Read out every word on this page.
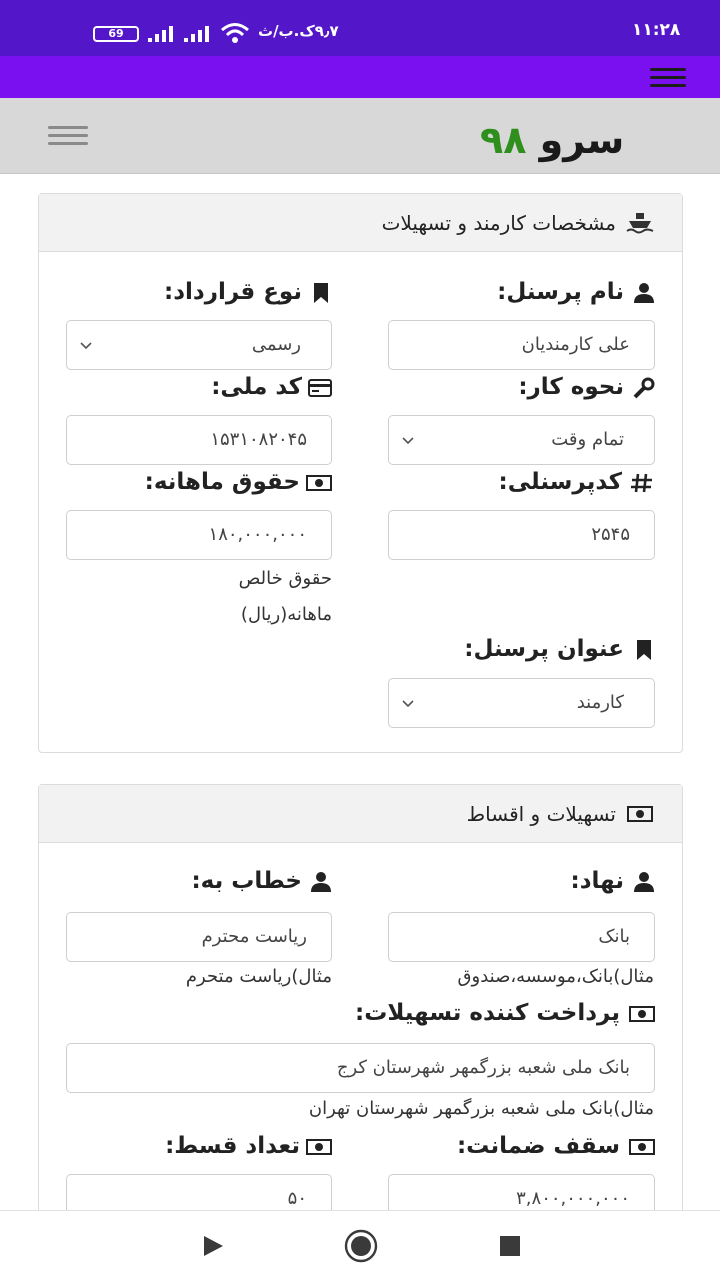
۱۱:۲۸
۹٫۷ک.ب/ث
69
سرو ۹۸
مشخصات کارمند و تسهیلات
نام پرسنل:
علی کارمندیان
نوع قرارداد:
رسمی
نحوه کار:
تمام وقت
کد ملی:
۱۵۳۱۰۸۲۰۴۵
کدپرسنلی:
۲۵۴۵
حقوق ماهانه:
۱۸۰,۰۰۰,۰۰۰
حقوق خالص
ماهانه(ریال)
عنوان پرسنل:
کارمند
تسهیلات و اقساط
نهاد:
بانک
مثال)بانک،موسسه،صندوق
خطاب به:
ریاست محترم
مثال)ریاست متحرم
پرداخت کننده تسهیلات:
بانک ملی شعبه بزرگمهر شهرستان کرج
مثال)بانک ملی شعبه بزرگمهر شهرستان تهران
سقف ضمانت:
۳,۸۰۰,۰۰۰,۰۰۰
تعداد قسط:
۵۰
